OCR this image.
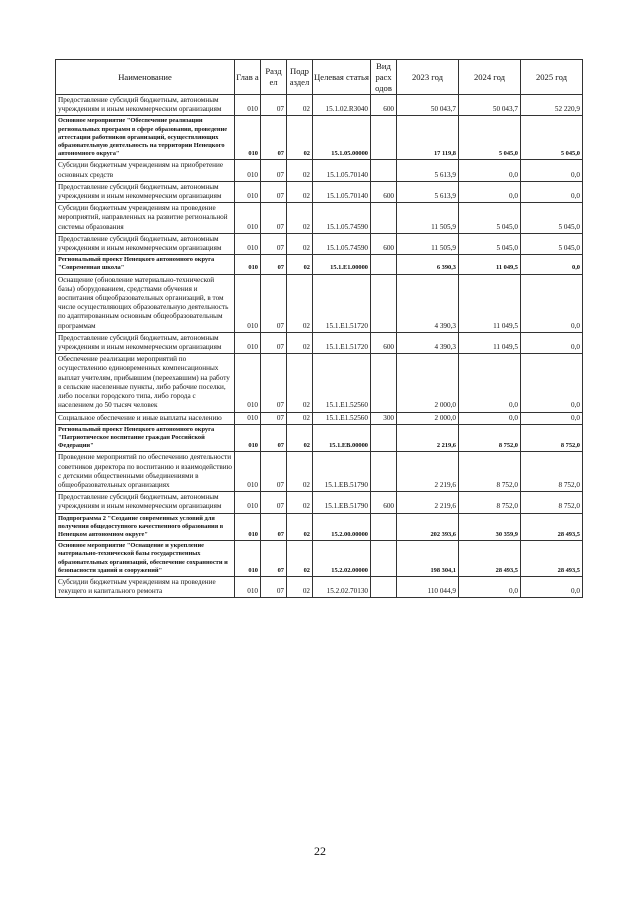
Наименование	Глав а	Разд ел	Подр аздел	Целевая статья	Вид расх одов	2023 год	2024 год	2025 год
Предоставление субсидий бюджетным, автономным учреждениям и иным некоммерческим организациям	010	07	02	15.1.02.R3040	600	50 043,7	50 043,7	52 220,9
Основное мероприятие "Обеспечение реализации региональных программ в сфере образования, проведение аттестации работников организаций, осуществляющих образовательную деятельность на территории Ненецкого автономного округа"	010	07	02	15.1.05.00000		17 119,8	5 045,0	5 045,0
Субсидии бюджетным учреждениям на приобретение основных средств	010	07	02	15.1.05.70140		5 613,9	0,0	0,0
Предоставление субсидий бюджетным, автономным учреждениям и иным некоммерческим организациям	010	07	02	15.1.05.70140	600	5 613,9	0,0	0,0
Субсидии бюджетным учреждениям на проведение мероприятий, направленных на развитие региональной системы образования	010	07	02	15.1.05.74590		11 505,9	5 045,0	5 045,0
Предоставление субсидий бюджетным, автономным учреждениям и иным некоммерческим организациям	010	07	02	15.1.05.74590	600	11 505,9	5 045,0	5 045,0
Региональный проект Ненецкого автономного округа "Современная школа"	010	07	02	15.1.E1.00000		6 390,3	11 049,5	0,0
Оснащение (обновление материально-технической базы) оборудованием, средствами обучения и воспитания общеобразовательных организаций, в том числе осуществляющих образовательную деятельность по адаптированным основным общеобразовательным программам	010	07	02	15.1.E1.51720		4 390,3	11 049,5	0,0
Предоставление субсидий бюджетным, автономным учреждениям и иным некоммерческим организациям	010	07	02	15.1.E1.51720	600	4 390,3	11 049,5	0,0
Обеспечение реализации мероприятий по осуществлению единовременных компенсационных выплат учителям, прибывшим (переехавшим) на работу в сельские населенные пункты, либо рабочие поселки, либо поселки городского типа, либо города с населением до 50 тысяч человек	010	07	02	15.1.E1.52560		2 000,0	0,0	0,0
Социальное обеспечение и иные выплаты населению	010	07	02	15.1.E1.52560	300	2 000,0	0,0	0,0
Региональный проект Ненецкого автономного округа "Патриотическое воспитание граждан Российской Федерации"	010	07	02	15.1.EB.00000		2 219,6	8 752,0	8 752,0
Проведение мероприятий по обеспечению деятельности советников директора по воспитанию и взаимодействию с детскими общественными объединениями в общеобразовательных организациях	010	07	02	15.1.EB.51790		2 219,6	8 752,0	8 752,0
Предоставление субсидий бюджетным, автономным учреждениям и иным некоммерческим организациям	010	07	02	15.1.EB.51790	600	2 219,6	8 752,0	8 752,0
Подпрограмма 2 "Создание современных условий для получения общедоступного качественного образования в Ненецком автономном округе"	010	07	02	15.2.00.00000		202 393,6	30 359,9	28 493,5
Основное мероприятие "Оснащение и укрепление материально-технической базы государственных образовательных организаций, обеспечение сохранности и безопасности зданий и сооружений"	010	07	02	15.2.02.00000		198 304,1	28 493,5	28 493,5
Субсидии бюджетным учреждениям на проведение текущего и капитального ремонта	010	07	02	15.2.02.70130		110 044,9	0,0	0,0
22
